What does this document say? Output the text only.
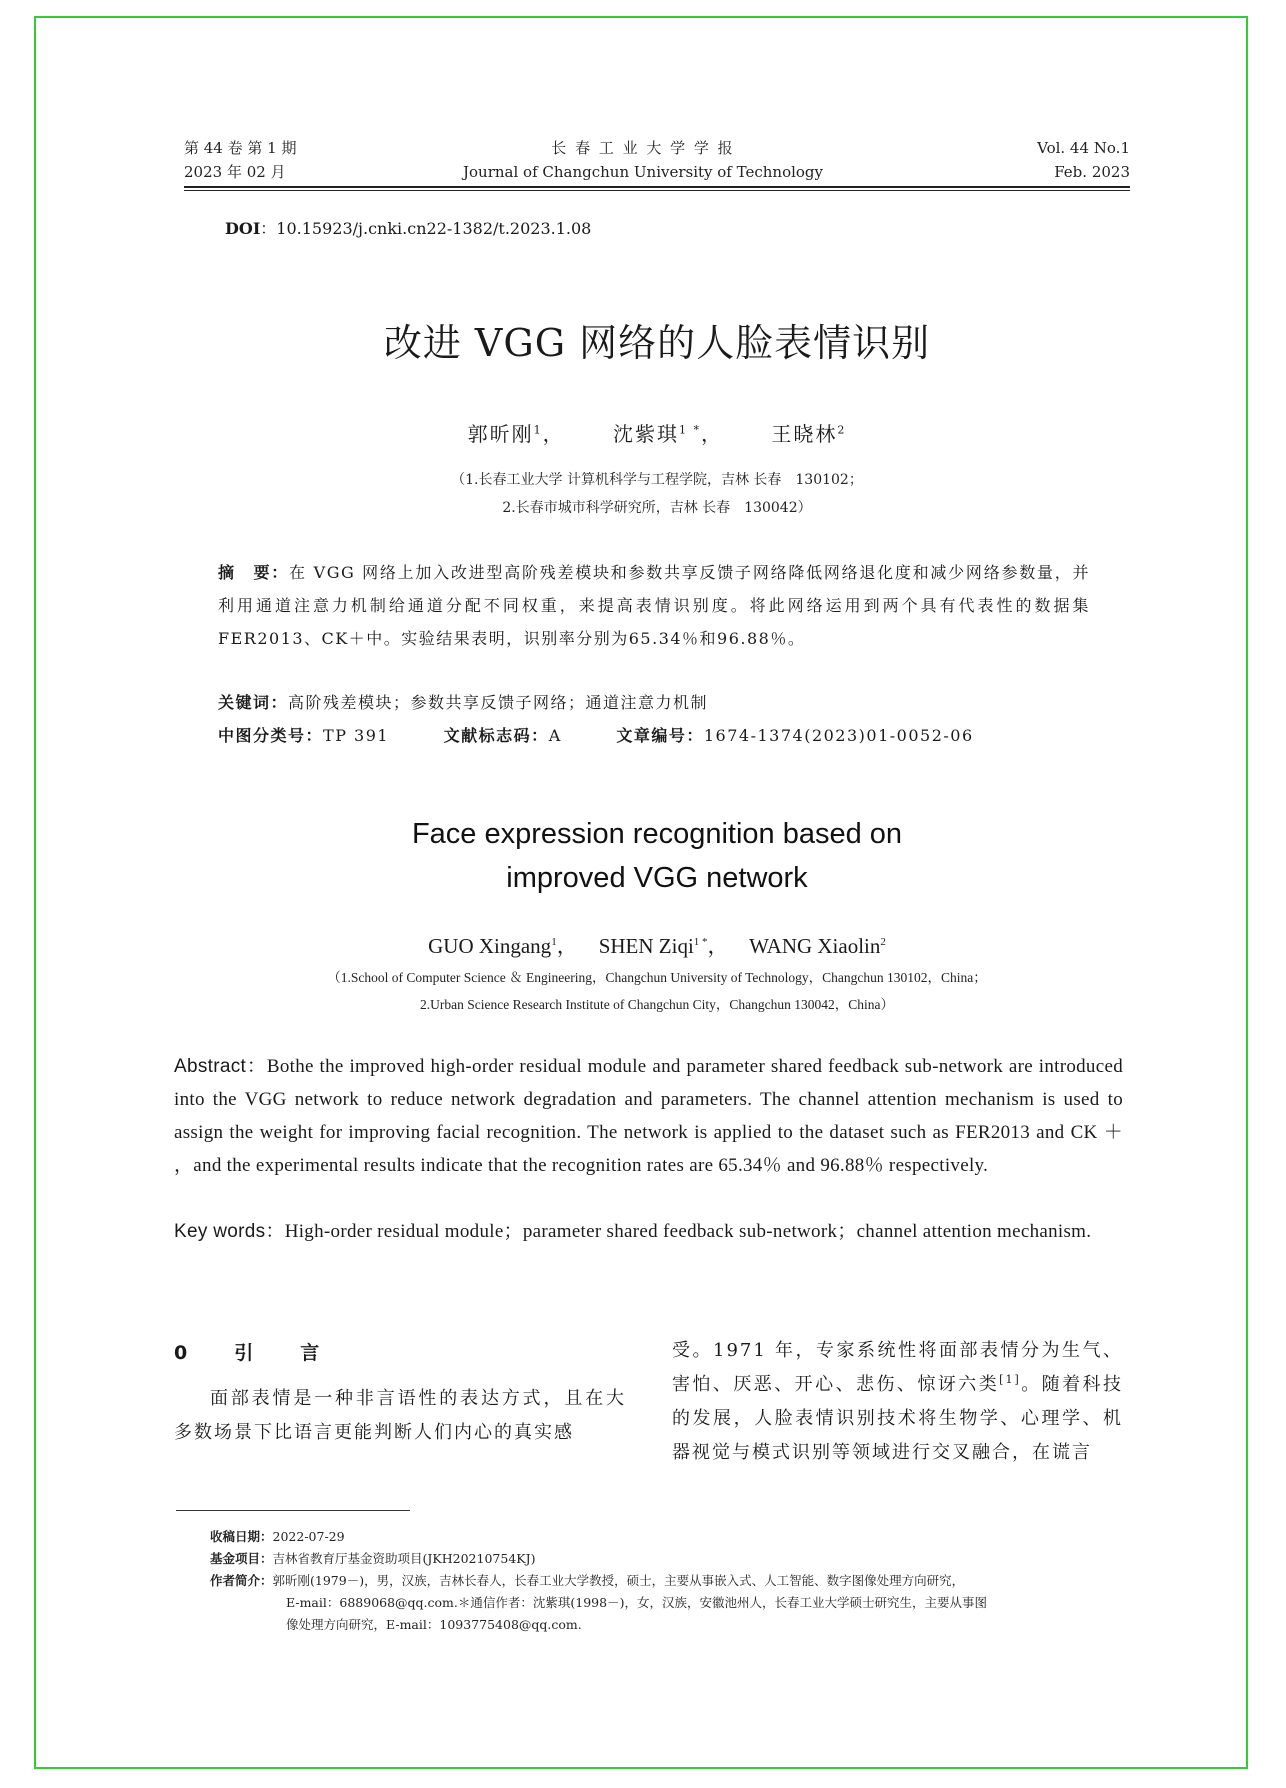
第 44 卷 第 1 期
2023 年 02 月
长 春 工 业 大 学 学 报
Journal of Changchun University of Technology
Vol. 44 No.1
Feb. 2023
DOI：10.15923/j.cnki.cn22-1382/t.2023.1.08
改进 VGG 网络的人脸表情识别
郭昕刚$^1$， 沈紫琪$^{1 *}$， 王晓林$^2$
（1.长春工业大学 计算机科学与工程学院，吉林 长春　130102；
2.长春市城市科学研究所，吉林 长春　130042）
摘　要：在 VGG 网络上加入改进型高阶残差模块和参数共享反馈子网络降低网络退化度和减少网络参数量，并利用通道注意力机制给通道分配不同权重，来提高表情识别度。将此网络运用到两个具有代表性的数据集 FER2013、CK＋中。实验结果表明，识别率分别为65.34％和96.88％。
关键词：高阶残差模块；参数共享反馈子网络；通道注意力机制
中图分类号：TP 391	文献标志码：A	文章编号：1674-1374(2023)01-0052-06
Face expression recognition based on
improved VGG network
GUO Xingang$^1$， SHEN Ziqi$^{1 *}$， WANG Xiaolin$^2$
（1.School of Computer Science ＆ Engineering，Changchun University of Technology，Changchun 130102，China；
2.Urban Science Research Institute of Changchun City，Changchun 130042，China）
Abstract：Bothe the improved high-order residual module and parameter shared feedback sub-network are introduced into the VGG network to reduce network degradation and parameters. The channel attention mechanism is used to assign the weight for improving facial recognition. The network is applied to the dataset such as FER2013 and CK ＋ ，and the experimental results indicate that the recognition rates are 65.34％ and 96.88％ respectively.
Key words：High-order residual module；parameter shared feedback sub-network；channel attention mechanism.
0　引　言
面部表情是一种非言语性的表达方式，且在大多数场景下比语言更能判断人们内心的真实感
受。1971 年，专家系统性将面部表情分为生气、害怕、厌恶、开心、悲伤、惊讶六类[1]。随着科技的发展，人脸表情识别技术将生物学、心理学、机器视觉与模式识别等领域进行交叉融合，在谎言
收稿日期：2022-07-29
基金项目：吉林省教育厅基金资助项目(JKH20210754KJ)
作者简介：郭昕刚(1979－)，男，汉族，吉林长春人，长春工业大学教授，硕士，主要从事嵌入式、人工智能、数字图像处理方向研究，
E-mail：6889068@qq.com.＊通信作者：沈紫琪(1998－)，女，汉族，安徽池州人，长春工业大学硕士研究生，主要从事图
像处理方向研究，E-mail：1093775408@qq.com.
